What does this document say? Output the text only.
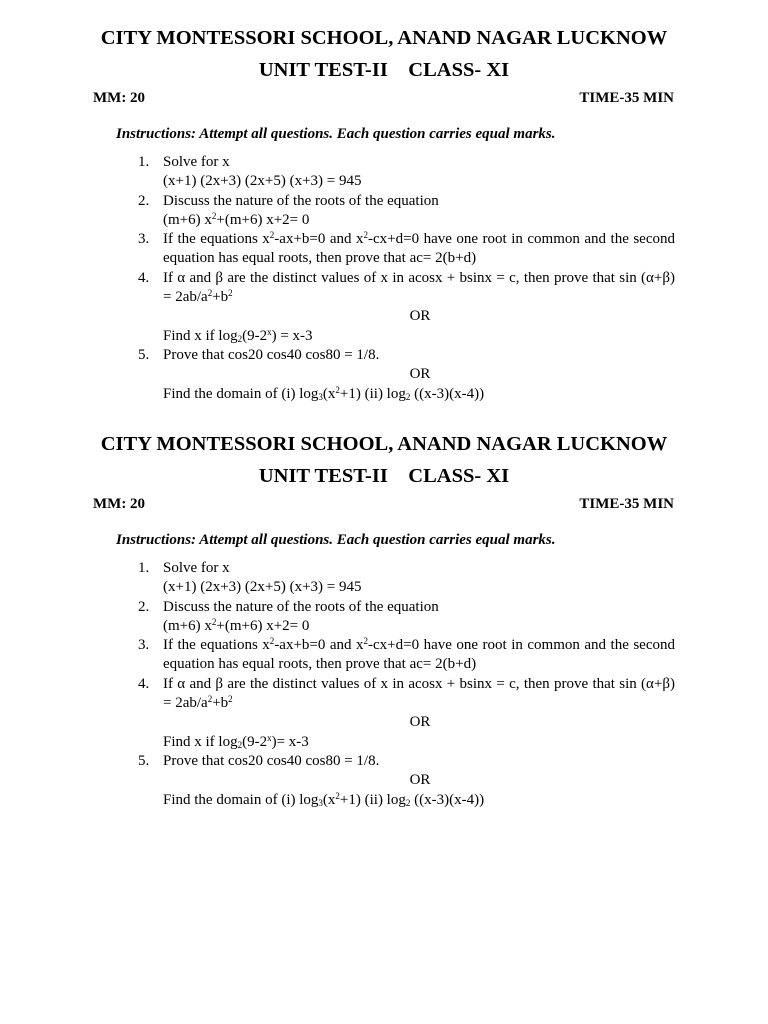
CITY MONTESSORI SCHOOL, ANAND NAGAR LUCKNOW
UNIT TEST-II    CLASS- XI
MM: 20	TIME-35 MIN
Instructions: Attempt all questions. Each question carries equal marks.
1. Solve for x
(x+1) (2x+3) (2x+5) (x+3) = 945
2. Discuss the nature of the roots of the equation
(m+6) $x^2+(m+6)$ x+2= 0
3. If the equations $x^2-ax+b=0$ and $x^2-cx+d=0$ have one root in common and the second equation has equal roots, then prove that ac= 2(b+d)
4. If α and β are the distinct values of x in acosx + bsinx = c, then prove that $\sin (\alpha+\beta) = 2ab/a^2+b^2$
OR
Find x if $\log_2(9-2^x) = x-3$
5. Prove that cos20 cos40 cos80 = 1/8.
OR
Find the domain of (i) $\log_3(x^2+1)$ (ii) $\log_2 ((x-3)(x-4))$
CITY MONTESSORI SCHOOL, ANAND NAGAR LUCKNOW
UNIT TEST-II    CLASS- XI
MM: 20	TIME-35 MIN
Instructions: Attempt all questions. Each question carries equal marks.
1. Solve for x
(x+1) (2x+3) (2x+5) (x+3) = 945
2. Discuss the nature of the roots of the equation
(m+6) $x^2+(m+6)$ x+2= 0
3. If the equations $x^2-ax+b=0$ and $x^2-cx+d=0$ have one root in common and the second equation has equal roots, then prove that ac= 2(b+d)
4. If α and β are the distinct values of x in acosx + bsinx = c, then prove that $\sin (\alpha+\beta) = 2ab/a^2+b^2$
OR
Find x if $\log_2(9-2^x)= x-3$
5. Prove that cos20 cos40 cos80 = 1/8.
OR
Find the domain of (i) $\log_3(x^2+1)$ (ii) $\log_2 ((x-3)(x-4))$
